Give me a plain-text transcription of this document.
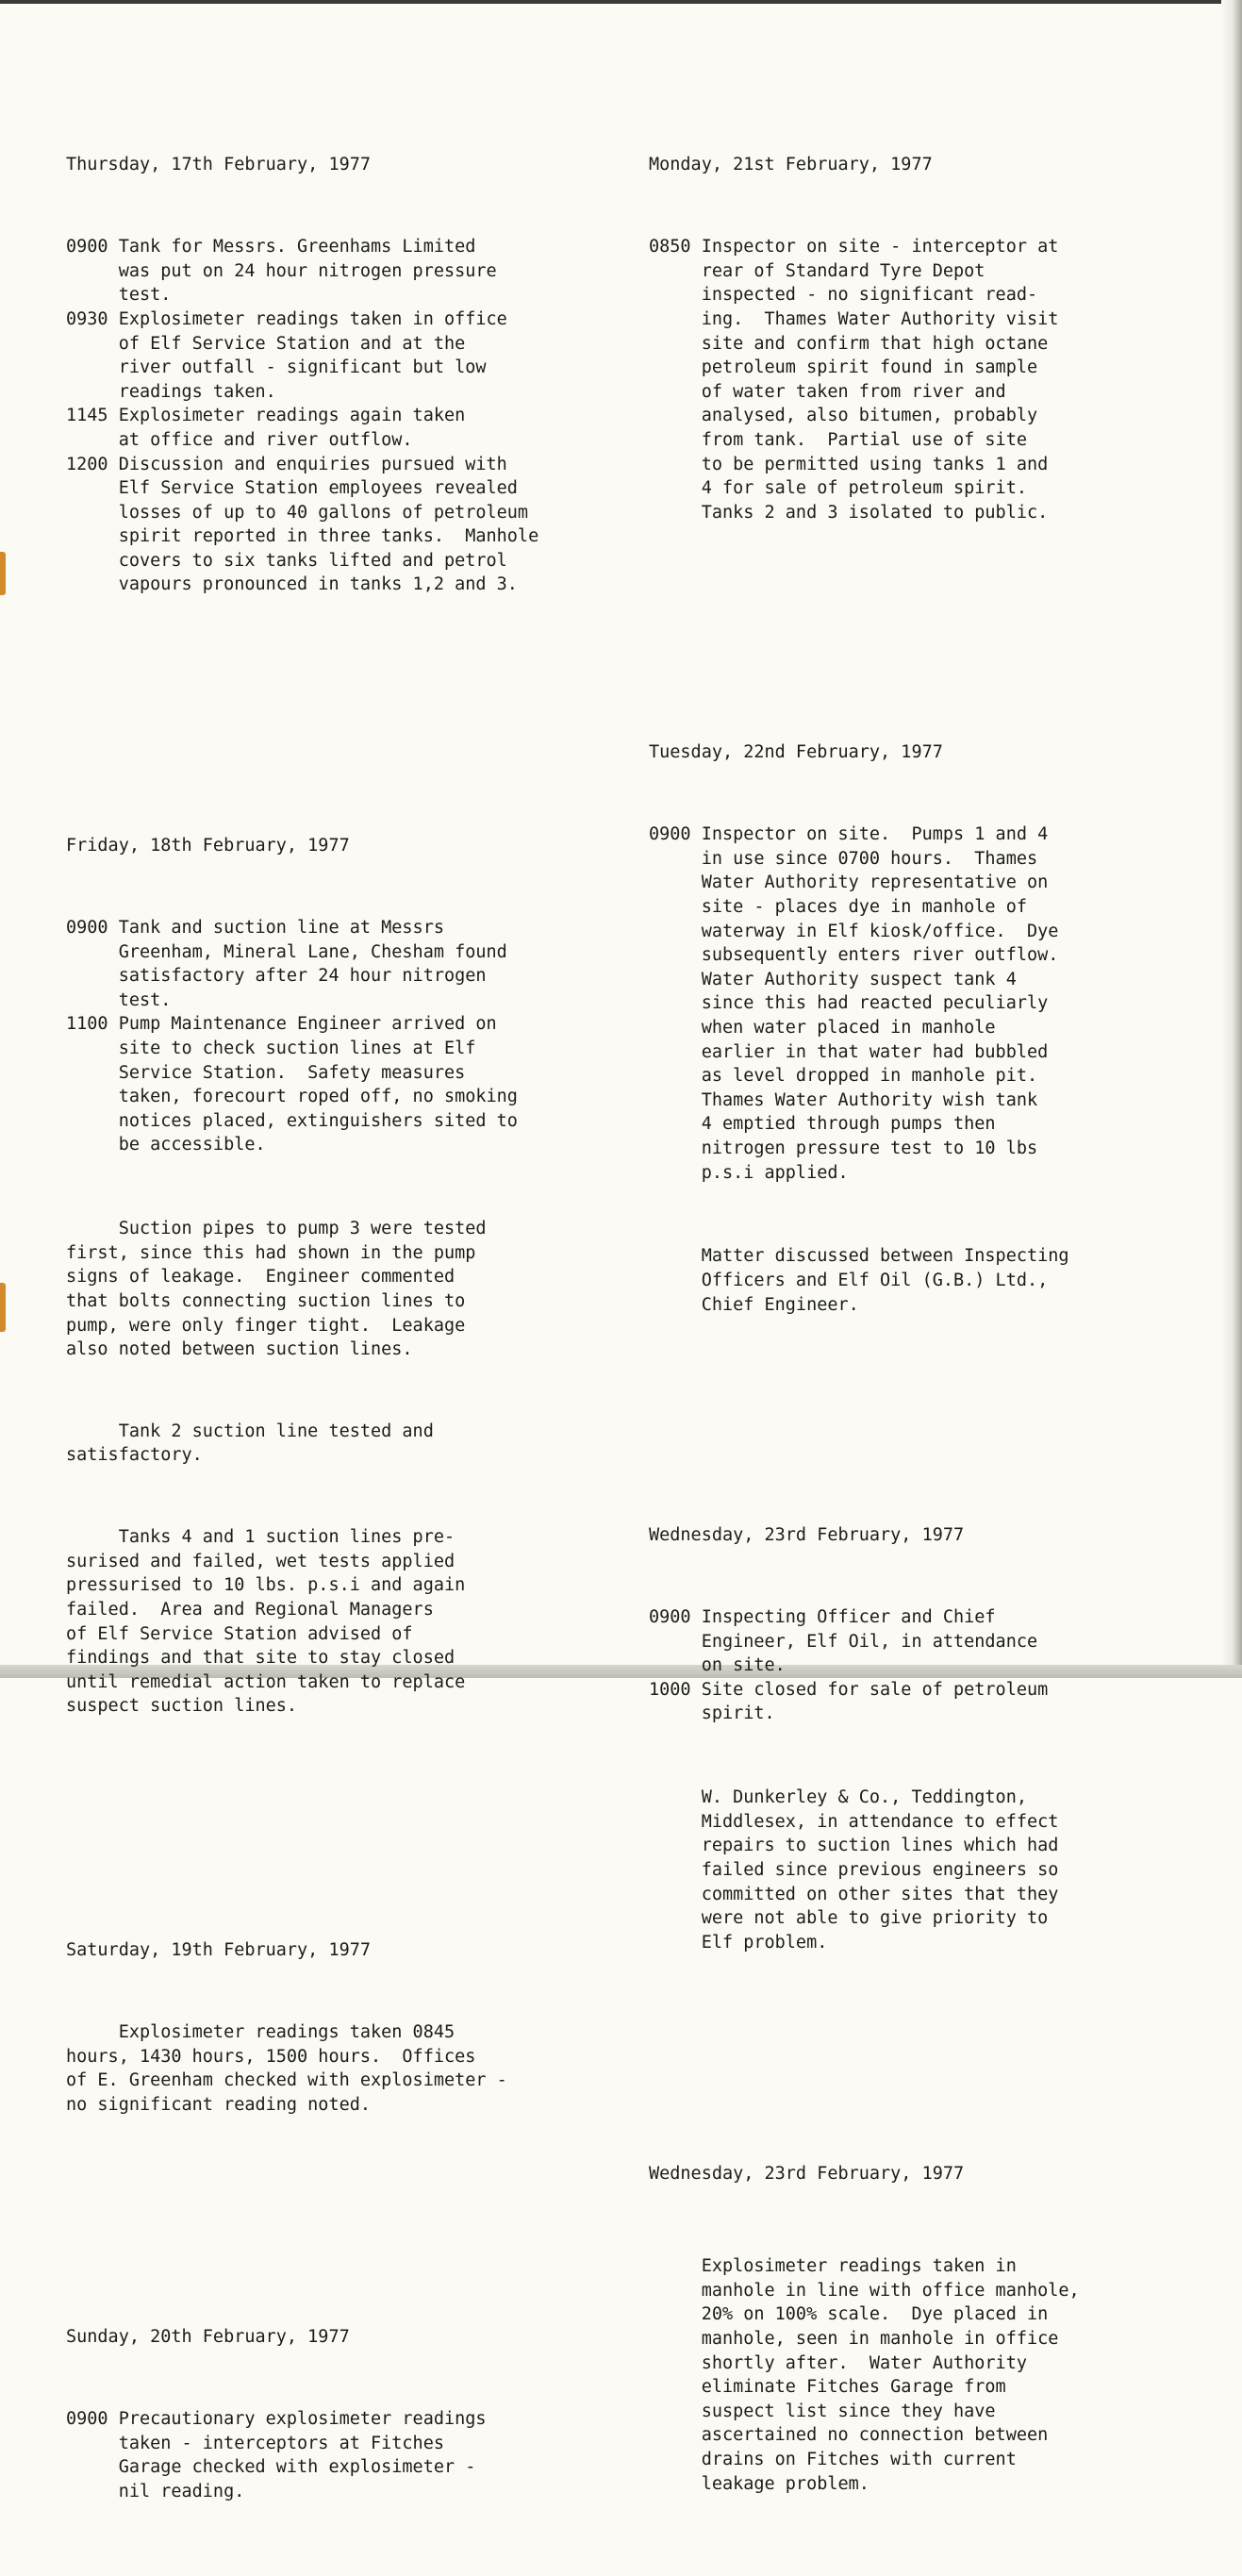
Thursday, 17th February, 1977

0900 Tank for Messrs. Greenhams Limited
was put on 24 hour nitrogen pressure
test.
0930 Explosimeter readings taken in office
of Elf Service Station and at the
river outfall - significant but low
readings taken.
1145 Explosimeter readings again taken
at office and river outflow.
1200 Discussion and enquiries pursued with
Elf Service Station employees revealed
losses of up to 40 gallons of petroleum
spirit reported in three tanks.  Manhole
covers to six tanks lifted and petrol
vapours pronounced in tanks 1,2 and 3.

Friday, 18th February, 1977

0900 Tank and suction line at Messrs
Greenham, Mineral Lane, Chesham found
satisfactory after 24 hour nitrogen
test.
1100 Pump Maintenance Engineer arrived on
site to check suction lines at Elf
Service Station.  Safety measures
taken, forecourt roped off, no smoking
notices placed, extinguishers sited to
be accessible.

Suction pipes to pump 3 were tested
first, since this had shown in the pump
signs of leakage.  Engineer commented
that bolts connecting suction lines to
pump, were only finger tight.  Leakage
also noted between suction lines.

Tank 2 suction line tested and
satisfactory.

Tanks 4 and 1 suction lines pre-
surised and failed, wet tests applied
pressurised to 10 lbs. p.s.i and again
failed.  Area and Regional Managers
of Elf Service Station advised of
findings and that site to stay closed
until remedial action taken to replace
suspect suction lines.

Saturday, 19th February, 1977

Explosimeter readings taken 0845
hours, 1430 hours, 1500 hours.  Offices
of E. Greenham checked with explosimeter -
no significant reading noted.

Sunday, 20th February, 1977

0900 Precautionary explosimeter readings
taken - interceptors at Fitches
Garage checked with explosimeter -
nil reading.

Monday, 21st February, 1977

0850 Inspector on site - interceptor at
rear of Standard Tyre Depot
inspected - no significant read-
ing.  Thames Water Authority visit
site and confirm that high octane
petroleum spirit found in sample
of water taken from river and
analysed, also bitumen, probably
from tank.  Partial use of site
to be permitted using tanks 1 and
4 for sale of petroleum spirit.
Tanks 2 and 3 isolated to public.

Tuesday, 22nd February, 1977

0900 Inspector on site.  Pumps 1 and 4
in use since 0700 hours.  Thames
Water Authority representative on
site - places dye in manhole of
waterway in Elf kiosk/office.  Dye
subsequently enters river outflow.
Water Authority suspect tank 4
since this had reacted peculiarly
when water placed in manhole
earlier in that water had bubbled
as level dropped in manhole pit.
Thames Water Authority wish tank
4 emptied through pumps then
nitrogen pressure test to 10 lbs
p.s.i applied.

Matter discussed between Inspecting
Officers and Elf Oil (G.B.) Ltd.,
Chief Engineer.

Wednesday, 23rd February, 1977

0900 Inspecting Officer and Chief
Engineer, Elf Oil, in attendance
on site.
1000 Site closed for sale of petroleum
spirit.

W. Dunkerley & Co., Teddington,
Middlesex, in attendance to effect
repairs to suction lines which had
failed since previous engineers so
committed on other sites that they
were not able to give priority to
Elf problem.

Wednesday, 23rd February, 1977

Explosimeter readings taken in
manhole in line with office manhole,
20% on 100% scale.  Dye placed in
manhole, seen in manhole in office
shortly after.  Water Authority
eliminate Fitches Garage from
suspect list since they have
ascertained no connection between
drains on Fitches with current
leakage problem.
